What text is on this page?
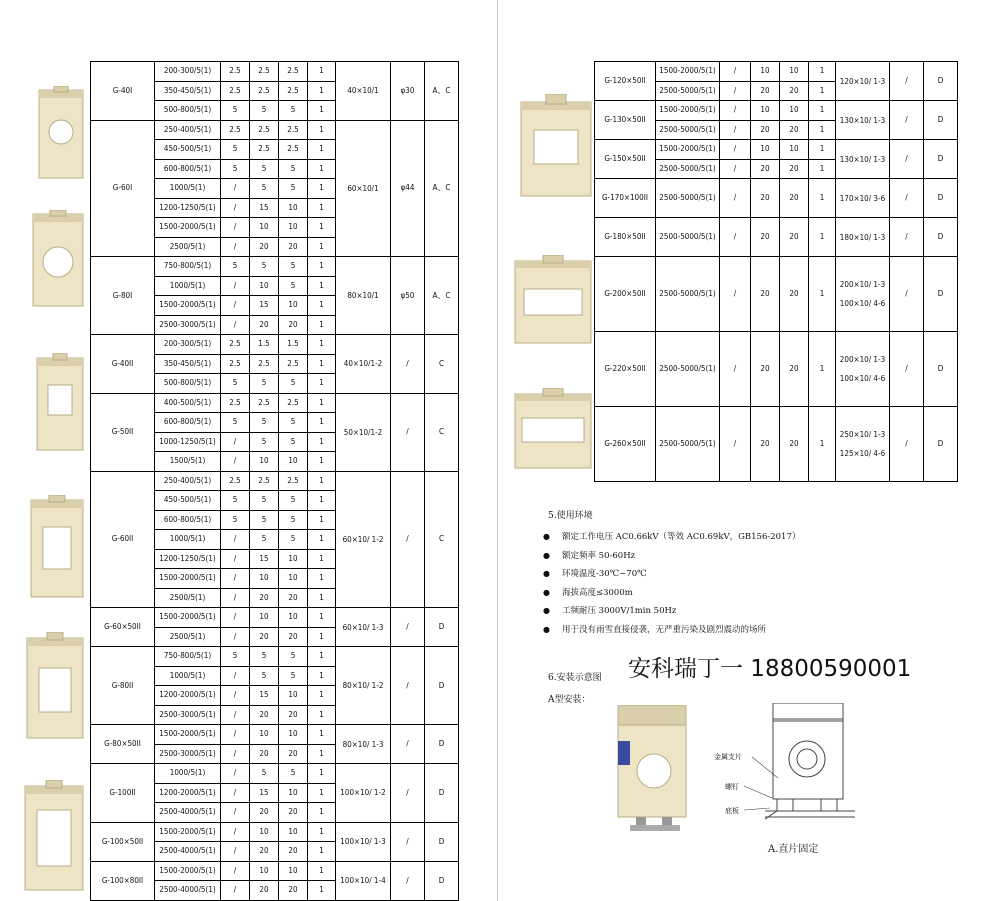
G-40I	200-300/5(1)	2.5	2.5	2.5	1	40×10/1	φ30	A、C
	350-450/5(1)	2.5	2.5	2.5	1			
	500-800/5(1)	5	5	5	1			
G-60I	250-400/5(1)	2.5	2.5	2.5	1	60×10/1	φ44	A、C
	450-500/5(1)	5	2.5	2.5	1			
	600-800/5(1)	5	5	5	1			
	1000/5(1)	/	5	5	1			
	1200-1250/5(1)	/	15	10	1			
	1500-2000/5(1)	/	10	10	1			
	2500/5(1)	/	20	20	1			
G-80I	750-800/5(1)	5	5	5	1	80×10/1	φ50	A、C
	1000/5(1)	/	10	5	1			
	1500-2000/5(1)	/	15	10	1			
	2500-3000/5(1)	/	20	20	1			
G-40II	200-300/5(1)	2.5	1.5	1.5	1	40×10/1-2	/	C
	350-450/5(1)	2.5	2.5	2.5	1			
	500-800/5(1)	5	5	5	1			
G-50II	400-500/5(1)	2.5	2.5	2.5	1	50×10/1-2	/	C
	600-800/5(1)	5	5	5	1			
	1000-1250/5(1)	/	5	5	1			
	1500/5(1)	/	10	10	1			
G-60II	250-400/5(1)	2.5	2.5	2.5	1	60×10/ 1-2	/	C
	450-500/5(1)	5	5	5	1			
	600-800/5(1)	5	5	5	1			
	1000/5(1)	/	5	5	1			
	1200-1250/5(1)	/	15	10	1			
	1500-2000/5(1)	/	10	10	1			
	2500/5(1)	/	20	20	1			
G-60×50II	1500-2000/5(1)	/	10	10	1	60×10/ 1-3	/	D
	2500/5(1)	/	20	20	1			
G-80II	750-800/5(1)	5	5	5	1	80×10/ 1-2	/	D
	1000/5(1)	/	5	5	1			
	1200-2000/5(1)	/	15	10	1			
	2500-3000/5(1)	/	20	20	1			
G-80×50II	1500-2000/5(1)	/	10	10	1	80×10/ 1-3	/	D
	2500-3000/5(1)	/	20	20	1			
G-100II	1000/5(1)	/	5	5	1	100×10/ 1-2	/	D
	1200-2000/5(1)	/	15	10	1			
	2500-4000/5(1)	/	20	20	1			
G-100×50II	1500-2000/5(1)	/	10	10	1	100×10/ 1-3	/	D
	2500-4000/5(1)	/	20	20	1			
G-100×80II	1500-2000/5(1)	/	10	10	1	100×10/ 1-4	/	D
	2500-4000/5(1)	/	20	20	1			
G-120×50II	1500-2000/5(1)	/	10	10	1	120×10/ 1-3	/	D
	2500-5000/5(1)	/	20	20	1			
G-130×50II	1500-2000/5(1)	/	10	10	1	130×10/ 1-3	/	D
	2500-5000/5(1)	/	20	20	1			
G-150×50II	1500-2000/5(1)	/	10	10	1	130×10/ 1-3	/	D
	2500-5000/5(1)	/	20	20	1			
G-170×100II	2500-5000/5(1)	/	20	20	1	170×10/ 3-6	/	D
G-180×50II	2500-5000/5(1)	/	20	20	1	180×10/ 1-3	/	D
G-200×50II	2500-5000/5(1)	/	20	20	1	200×10/ 1-3 100×10/ 4-6	/	D
G-220×50II	2500-5000/5(1)	/	20	20	1	200×10/ 1-3 100×10/ 4-6	/	D
G-260×50II	2500-5000/5(1)	/	20	20	1	250×10/ 1-3 125×10/ 4-6	/	D
5.使用环境
● 额定工作电压 AC0.66kV（等效 AC0.69kV，GB156-2017）
● 额定频率 50-60Hz
● 环境温度-30℃~70℃
● 海拔高度≤3000m
● 工频耐压 3000V/1min 50Hz
● 用于没有雨雪直接侵袭，无严重污染及剧烈震动的场所
6.安装示意图 安科瑞丁一 18800590001
A型安装：
金属支片
螺钉
底板
A.直片固定
